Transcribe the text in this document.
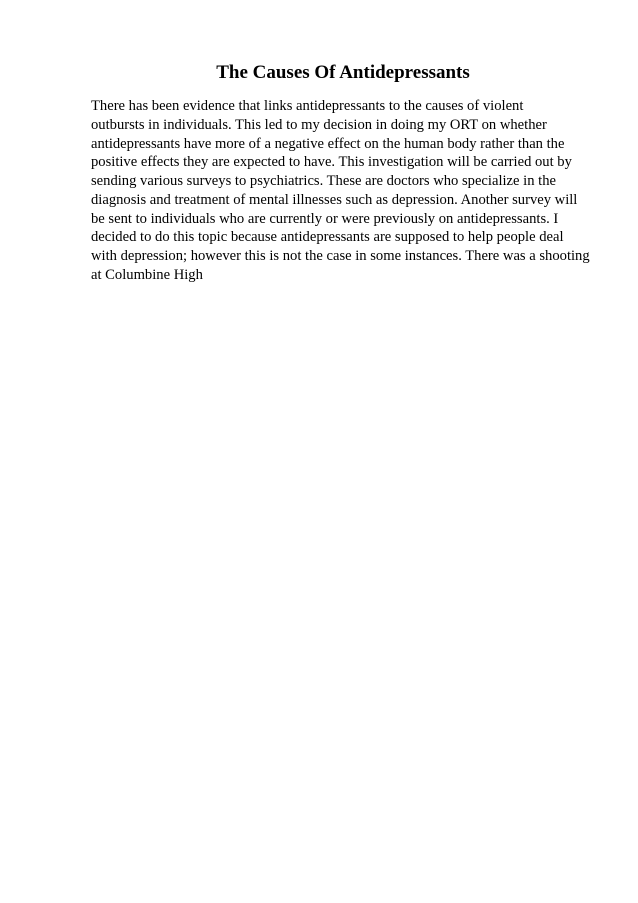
The Causes Of Antidepressants
There has been evidence that links antidepressants to the causes of violent
outbursts in individuals. This led to my decision in doing my ORT on whether
antidepressants have more of a negative effect on the human body rather than the
positive effects they are expected to have. This investigation will be carried out by
sending various surveys to psychiatrics. These are doctors who specialize in the
diagnosis and treatment of mental illnesses such as depression. Another survey will
be sent to individuals who are currently or were previously on antidepressants. I
decided to do this topic because antidepressants are supposed to help people deal
with depression; however this is not the case in some instances. There was a shooting
at Columbine High
